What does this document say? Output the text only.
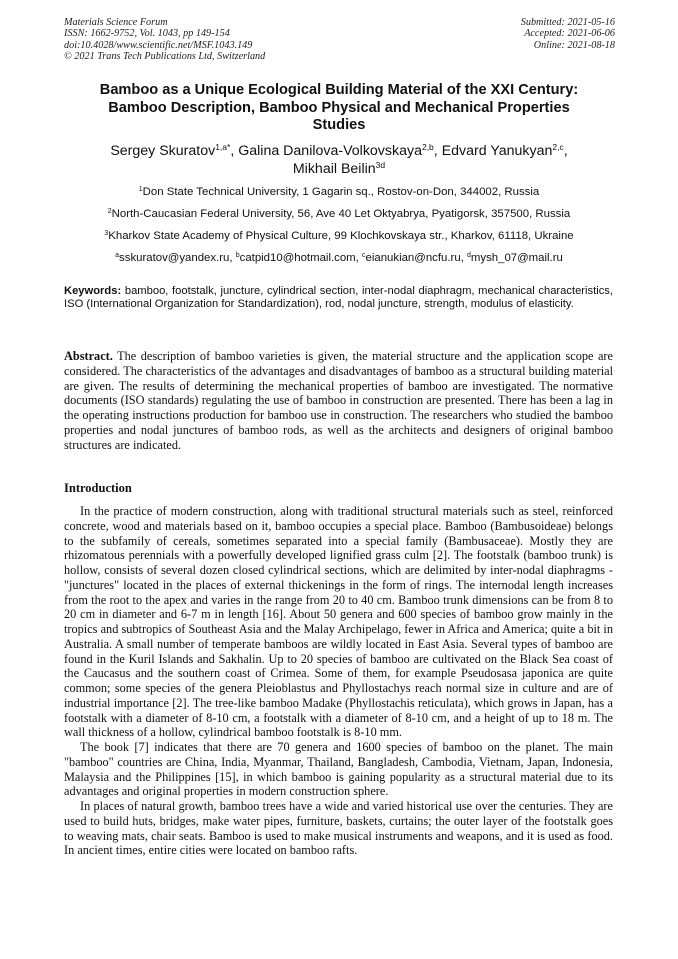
Materials Science Forum
ISSN: 1662-9752, Vol. 1043, pp 149-154
doi:10.4028/www.scientific.net/MSF.1043.149
© 2021 Trans Tech Publications Ltd, Switzerland
Submitted: 2021-05-16
Accepted: 2021-06-06
Online: 2021-08-18
Bamboo as a Unique Ecological Building Material of the XXI Century:
Bamboo Description, Bamboo Physical and Mechanical Properties
Studies
Sergey Skuratov$^{1,a*}$, Galina Danilova-Volkovskaya$^{2,b}$, Edvard Yanukyan$^{2,c}$,
Mikhail Beilin$^{3d}$
$^1$Don State Technical University, 1 Gagarin sq., Rostov-on-Don, 344002, Russia
$^2$North-Caucasian Federal University, 56, Ave 40 Let Oktyabrya, Pyatigorsk, 357500, Russia
$^3$Kharkov State Academy of Physical Culture, 99 Klochkovskaya str., Kharkov, 61118, Ukraine
$^a$sskuratov@yandex.ru, $^b$catpid10@hotmail.com, $^c$eianukian@ncfu.ru, $^d$mysh_07@mail.ru
Keywords: bamboo, footstalk, juncture, cylindrical section, inter-nodal diaphragm, mechanical characteristics, ISO (International Organization for Standardization), rod, nodal juncture, strength, modulus of elasticity.

Abstract. The description of bamboo varieties is given, the material structure and the application scope are considered. The characteristics of the advantages and disadvantages of bamboo as a structural building material are given. The results of determining the mechanical properties of bamboo are investigated. The normative documents (ISO standards) regulating the use of bamboo in construction are presented. There has been a lag in the operating instructions production for bamboo use in construction. The researchers who studied the bamboo properties and nodal junctures of bamboo rods, as well as the architects and designers of original bamboo structures are indicated.

Introduction

In the practice of modern construction, along with traditional structural materials such as steel, reinforced concrete, wood and materials based on it, bamboo occupies a special place. Bamboo (Bambusoideae) belongs to the subfamily of cereals, sometimes separated into a special family (Bambusaceae). Mostly they are rhizomatous perennials with a powerfully developed lignified grass culm [2]. The footstalk (bamboo trunk) is hollow, consists of several dozen closed cylindrical sections, which are delimited by inter-nodal diaphragms - "junctures" located in the places of external thickenings in the form of rings. The internodal length increases from the root to the apex and varies in the range from 20 to 40 cm. Bamboo trunk dimensions can be from 8 to 20 cm in diameter and 6-7 m in length [16]. About 50 genera and 600 species of bamboo grow mainly in the tropics and subtropics of Southeast Asia and the Malay Archipelago, fewer in Africa and America; quite a bit in Australia. A small number of temperate bamboos are wildly located in East Asia. Several types of bamboo are found in the Kuril Islands and Sakhalin. Up to 20 species of bamboo are cultivated on the Black Sea coast of the Caucasus and the southern coast of Crimea. Some of them, for example Pseudosasa japonica are quite common; some species of the genera Pleioblastus and Phyllostachys reach normal size in culture and are of industrial importance [2]. The tree-like bamboo Madake (Phyllostachis reticulata), which grows in Japan, has a footstalk with a diameter of 8-10 cm, a footstalk with a diameter of 8-10 cm, and a height of up to 18 m. The wall thickness of a hollow, cylindrical bamboo footstalk is 8-10 mm.

The book [7] indicates that there are 70 genera and 1600 species of bamboo on the planet. The main "bamboo" countries are China, India, Myanmar, Thailand, Bangladesh, Cambodia, Vietnam, Japan, Indonesia, Malaysia and the Philippines [15], in which bamboo is gaining popularity as a structural material due to its advantages and original properties in modern construction sphere.

In places of natural growth, bamboo trees have a wide and varied historical use over the centuries. They are used to build huts, bridges, make water pipes, furniture, baskets, curtains; the outer layer of the footstalk goes to weaving mats, chair seats. Bamboo is used to make musical instruments and weapons, and it is used as food. In ancient times, entire cities were located on bamboo rafts.
